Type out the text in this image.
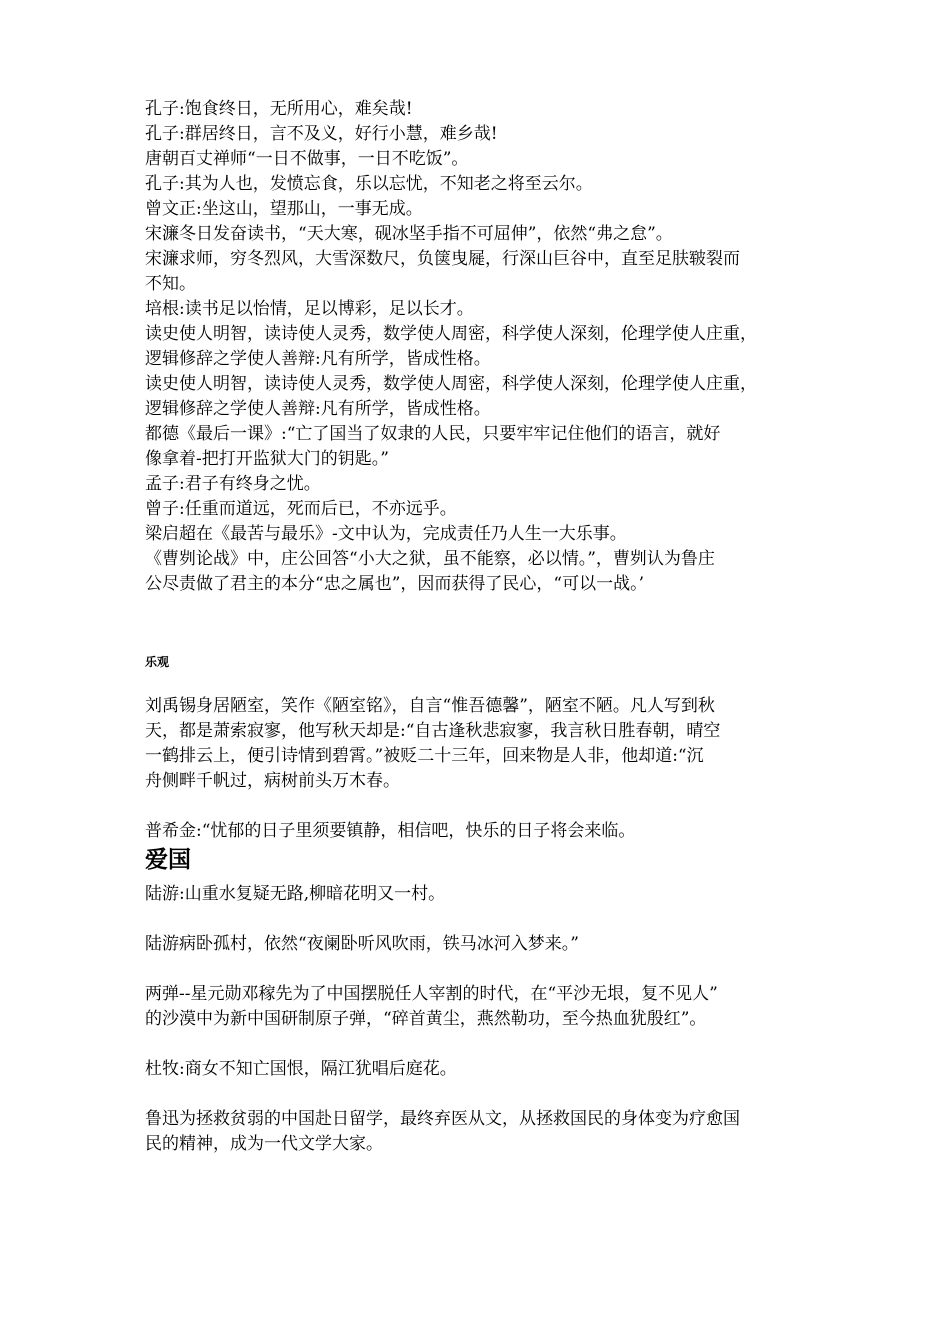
孔子:饱食终日，无所用心，难矣哉!

孔子:群居终日，言不及义，好行小慧，难乡哉!

唐朝百丈禅师“一日不做事，一日不吃饭”。

孔子:其为人也，发愤忘食，乐以忘忧，不知老之将至云尔。

曾文正:坐这山，望那山，一事无成。

宋濂冬日发奋读书，“天大寒，砚冰坚手指不可屈伸”，依然“弗之怠”。

宋濂求师，穷冬烈风，大雪深数尺，负箧曳屣，行深山巨谷中，直至足肤皲裂而

不知。

培根:读书足以怡情，足以博彩，足以长才。

读史使人明智，读诗使人灵秀，数学使人周密，科学使人深刻，伦理学使人庄重，

逻辑修辞之学使人善辩:凡有所学，皆成性格。

读史使人明智，读诗使人灵秀，数学使人周密，科学使人深刻，伦理学使人庄重，

逻辑修辞之学使人善辩:凡有所学，皆成性格。

都德《最后一课》:“亡了国当了奴隶的人民，只要牢牢记住他们的语言，就好

像拿着-把打开监狱大门的钥匙。”

孟子:君子有终身之忧。

曾子:任重而道远，死而后已，不亦远乎。

梁启超在《最苦与最乐》-文中认为，完成责任乃人生一大乐事。

《曹刿论战》中，庄公回答“小大之狱，虽不能察，必以情。”，曹刿认为鲁庄

公尽责做了君主的本分“忠之属也”，因而获得了民心，“可以一战。’

乐观

刘禹锡身居陋室，笑作《陋室铭》，自言“惟吾德馨”，陋室不陋。凡人写到秋

天，都是萧索寂寥，他写秋天却是:“自古逢秋悲寂寥，我言秋日胜春朝，晴空

一鹤排云上，便引诗情到碧霄。”被贬二十三年，回来物是人非，他却道:“沉

舟侧畔千帆过，病树前头万木春。

普希金:“忧郁的日子里须要镇静，相信吧，快乐的日子将会来临。

爱国

陆游:山重水复疑无路,柳暗花明又一村。

陆游病卧孤村，依然“夜阑卧听风吹雨，铁马冰河入梦来。”

两弹--星元勋邓稼先为了中国摆脱任人宰割的时代，在“平沙无垠，复不见人”

的沙漠中为新中国研制原子弹，“碎首黄尘，燕然勒功，至今热血犹殷红”。

杜牧:商女不知亡国恨，隔江犹唱后庭花。

鲁迅为拯救贫弱的中国赴日留学，最终弃医从文，从拯救国民的身体变为疗愈国

民的精神，成为一代文学大家。
